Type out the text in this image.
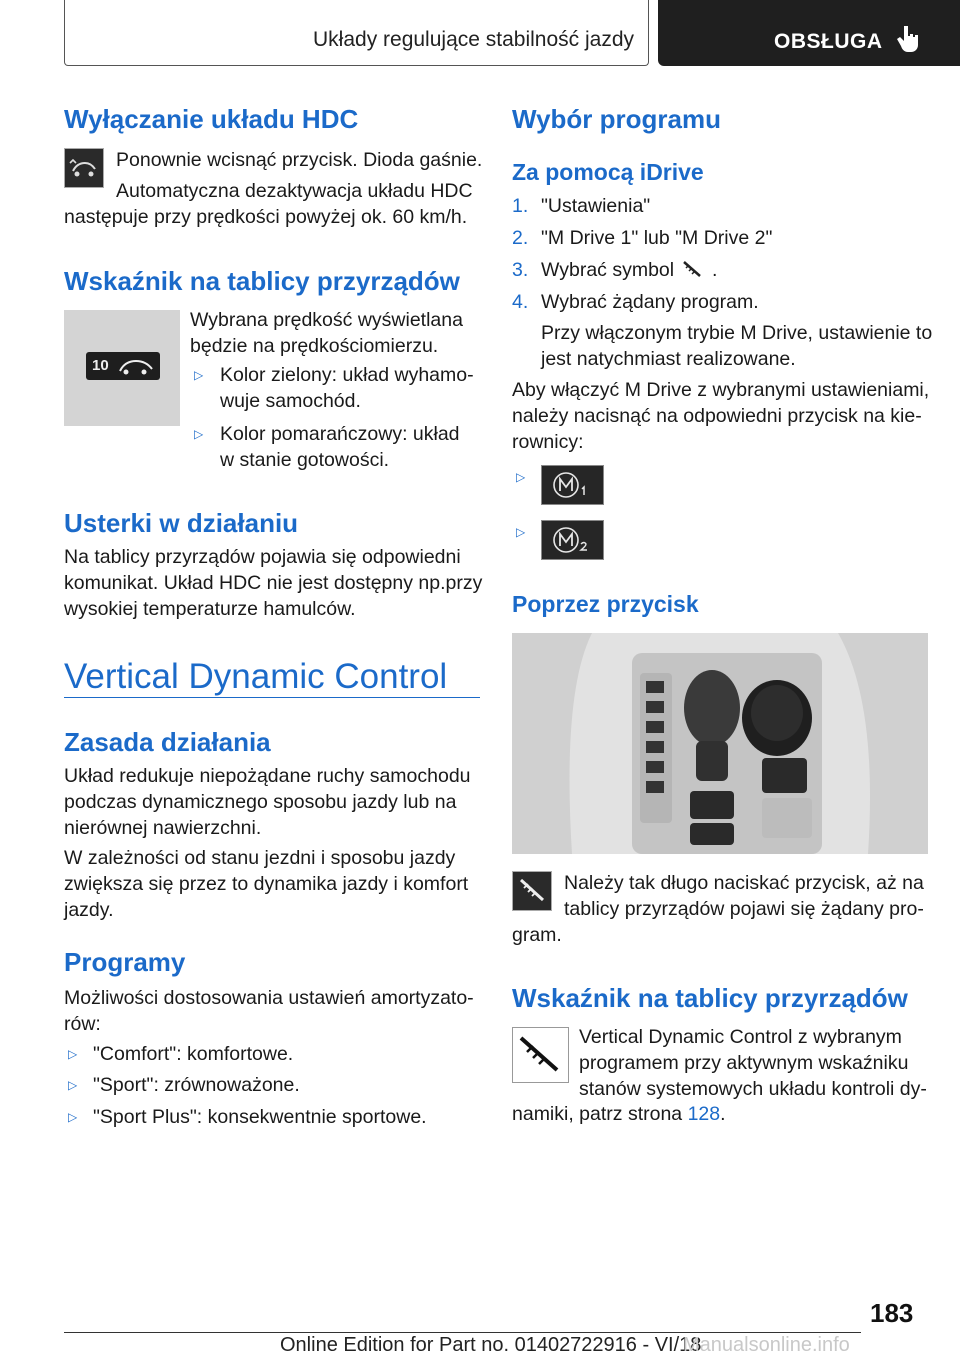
Układy regulujące stabilność jazdy	OBSŁUGA
Wyłączanie układu HDC
Ponownie wcisnąć przycisk. Dioda gaśnie.
Automatyczna dezaktywacja układu HDC
następuje przy prędkości powyżej ok. 60 km/h.
Wskaźnik na tablicy przyrządów
10
Wybrana prędkość wyświetlana
będzie na prędkościomierzu.
▷ Kolor zielony: układ wyhamo-
wuje samochód.
▷ Kolor pomarańczowy: układ
w stanie gotowości.
Usterki w działaniu
Na tablicy przyrządów pojawia się odpowiedni
komunikat. Układ HDC nie jest dostępny np.przy
wysokiej temperaturze hamulców.
Vertical Dynamic Control
Zasada działania
Układ redukuje niepożądane ruchy samochodu
podczas dynamicznego sposobu jazdy lub na
nierównej nawierzchni.
W zależności od stanu jezdni i sposobu jazdy
zwiększa się przez to dynamika jazdy i komfort
jazdy.
Programy
Możliwości dostosowania ustawień amortyzato-
rów:
▷ "Comfort": komfortowe.
▷ "Sport": zrównoważone.
▷ "Sport Plus": konsekwentnie sportowe.
Wybór programu
Za pomocą iDrive
1. "Ustawienia"
2. "M Drive 1" lub "M Drive 2"
3. Wybrać symbol .
4. Wybrać żądany program.
Przy włączonym trybie M Drive, ustawienie to
jest natychmiast realizowane.
Aby włączyć M Drive z wybranymi ustawieniami,
należy nacisnąć na odpowiedni przycisk na kie-
rownicy:
▷
▷
Poprzez przycisk
Należy tak długo naciskać przycisk, aż na
tablicy przyrządów pojawi się żądany pro-
gram.
Wskaźnik na tablicy przyrządów
Vertical Dynamic Control z wybranym
programem przy aktywnym wskaźniku
stanów systemowych układu kontroli dy-
namiki, patrz strona 128.
183
Online Edition for Part no. 01402722916 - VI/18
Manualsonline.info
